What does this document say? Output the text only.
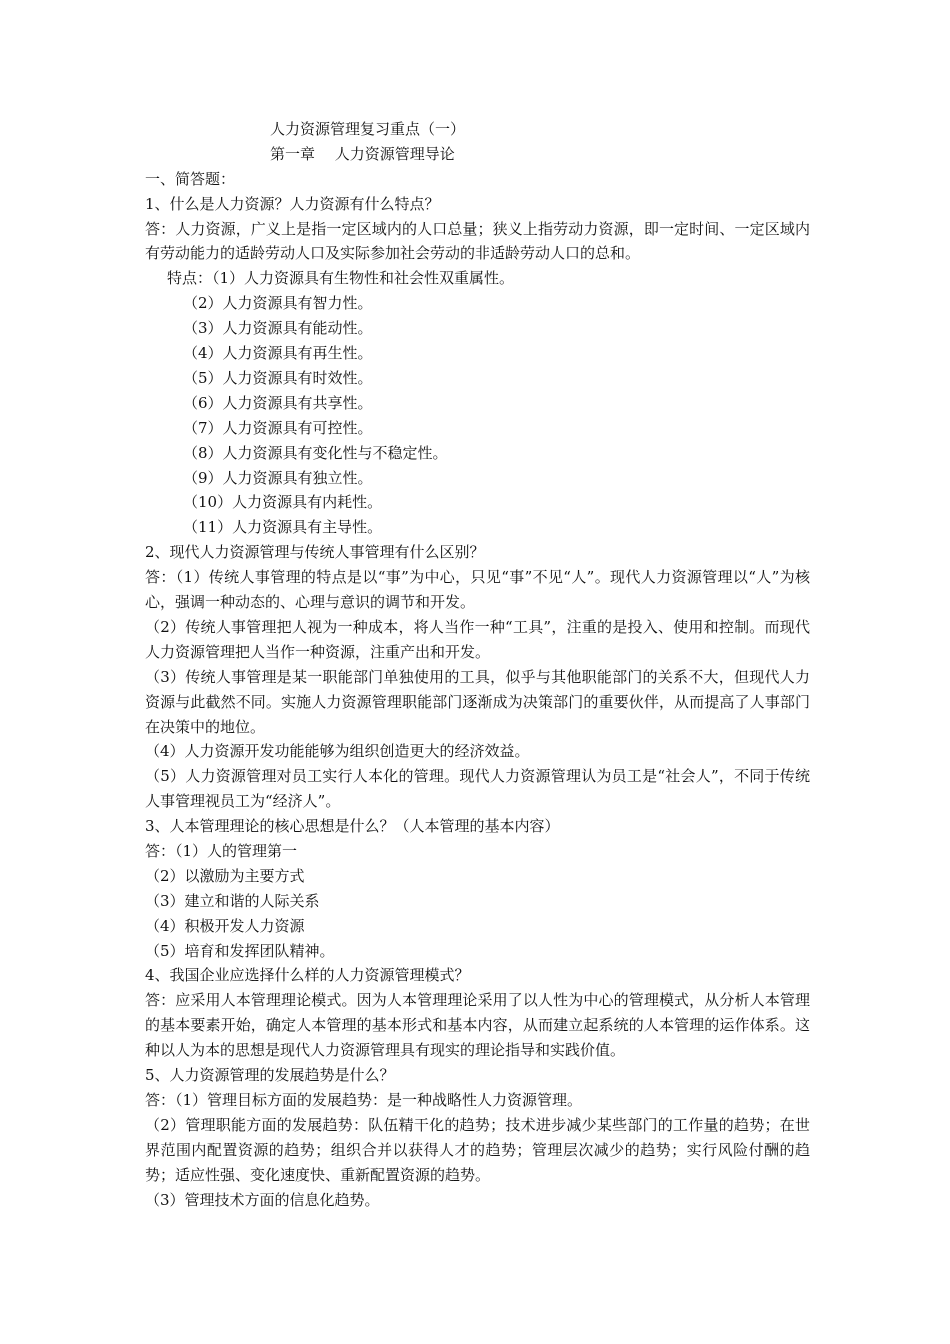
人力资源管理复习重点（一）
第一章　 人力资源管理导论
一、简答题：
1、什么是人力资源？人力资源有什么特点？
答：人力资源，广义上是指一定区域内的人口总量；狭义上指劳动力资源，即一定时间、一定区域内有劳动能力的适龄劳动人口及实际参加社会劳动的非适龄劳动人口的总和。
特点：（1）人力资源具有生物性和社会性双重属性。
（2）人力资源具有智力性。
（3）人力资源具有能动性。
（4）人力资源具有再生性。
（5）人力资源具有时效性。
（6）人力资源具有共享性。
（7）人力资源具有可控性。
（8）人力资源具有变化性与不稳定性。
（9）人力资源具有独立性。
（10）人力资源具有内耗性。
（11）人力资源具有主导性。
2、现代人力资源管理与传统人事管理有什么区别？
答：（1）传统人事管理的特点是以“事”为中心，只见“事”不见“人”。现代人力资源管理以“人”为核心，强调一种动态的、心理与意识的调节和开发。
（2）传统人事管理把人视为一种成本，将人当作一种“工具”，注重的是投入、使用和控制。而现代人力资源管理把人当作一种资源，注重产出和开发。
（3）传统人事管理是某一职能部门单独使用的工具，似乎与其他职能部门的关系不大，但现代人力资源与此截然不同。实施人力资源管理职能部门逐渐成为决策部门的重要伙伴，从而提高了人事部门在决策中的地位。
（4）人力资源开发功能能够为组织创造更大的经济效益。
（5）人力资源管理对员工实行人本化的管理。现代人力资源管理认为员工是“社会人”，不同于传统人事管理视员工为“经济人”。
3、人本管理理论的核心思想是什么？（人本管理的基本内容）
答：（1）人的管理第一
（2）以激励为主要方式
（3）建立和谐的人际关系
（4）积极开发人力资源
（5）培育和发挥团队精神。
4、我国企业应选择什么样的人力资源管理模式？
答：应采用人本管理理论模式。因为人本管理理论采用了以人性为中心的管理模式，从分析人本管理的基本要素开始，确定人本管理的基本形式和基本内容，从而建立起系统的人本管理的运作体系。这种以人为本的思想是现代人力资源管理具有现实的理论指导和实践价值。
5、人力资源管理的发展趋势是什么？
答：（1）管理目标方面的发展趋势：是一种战略性人力资源管理。
（2）管理职能方面的发展趋势：队伍精干化的趋势；技术进步减少某些部门的工作量的趋势；在世界范围内配置资源的趋势；组织合并以获得人才的趋势；管理层次减少的趋势；实行风险付酬的趋势；适应性强、变化速度快、重新配置资源的趋势。
（3）管理技术方面的信息化趋势。
